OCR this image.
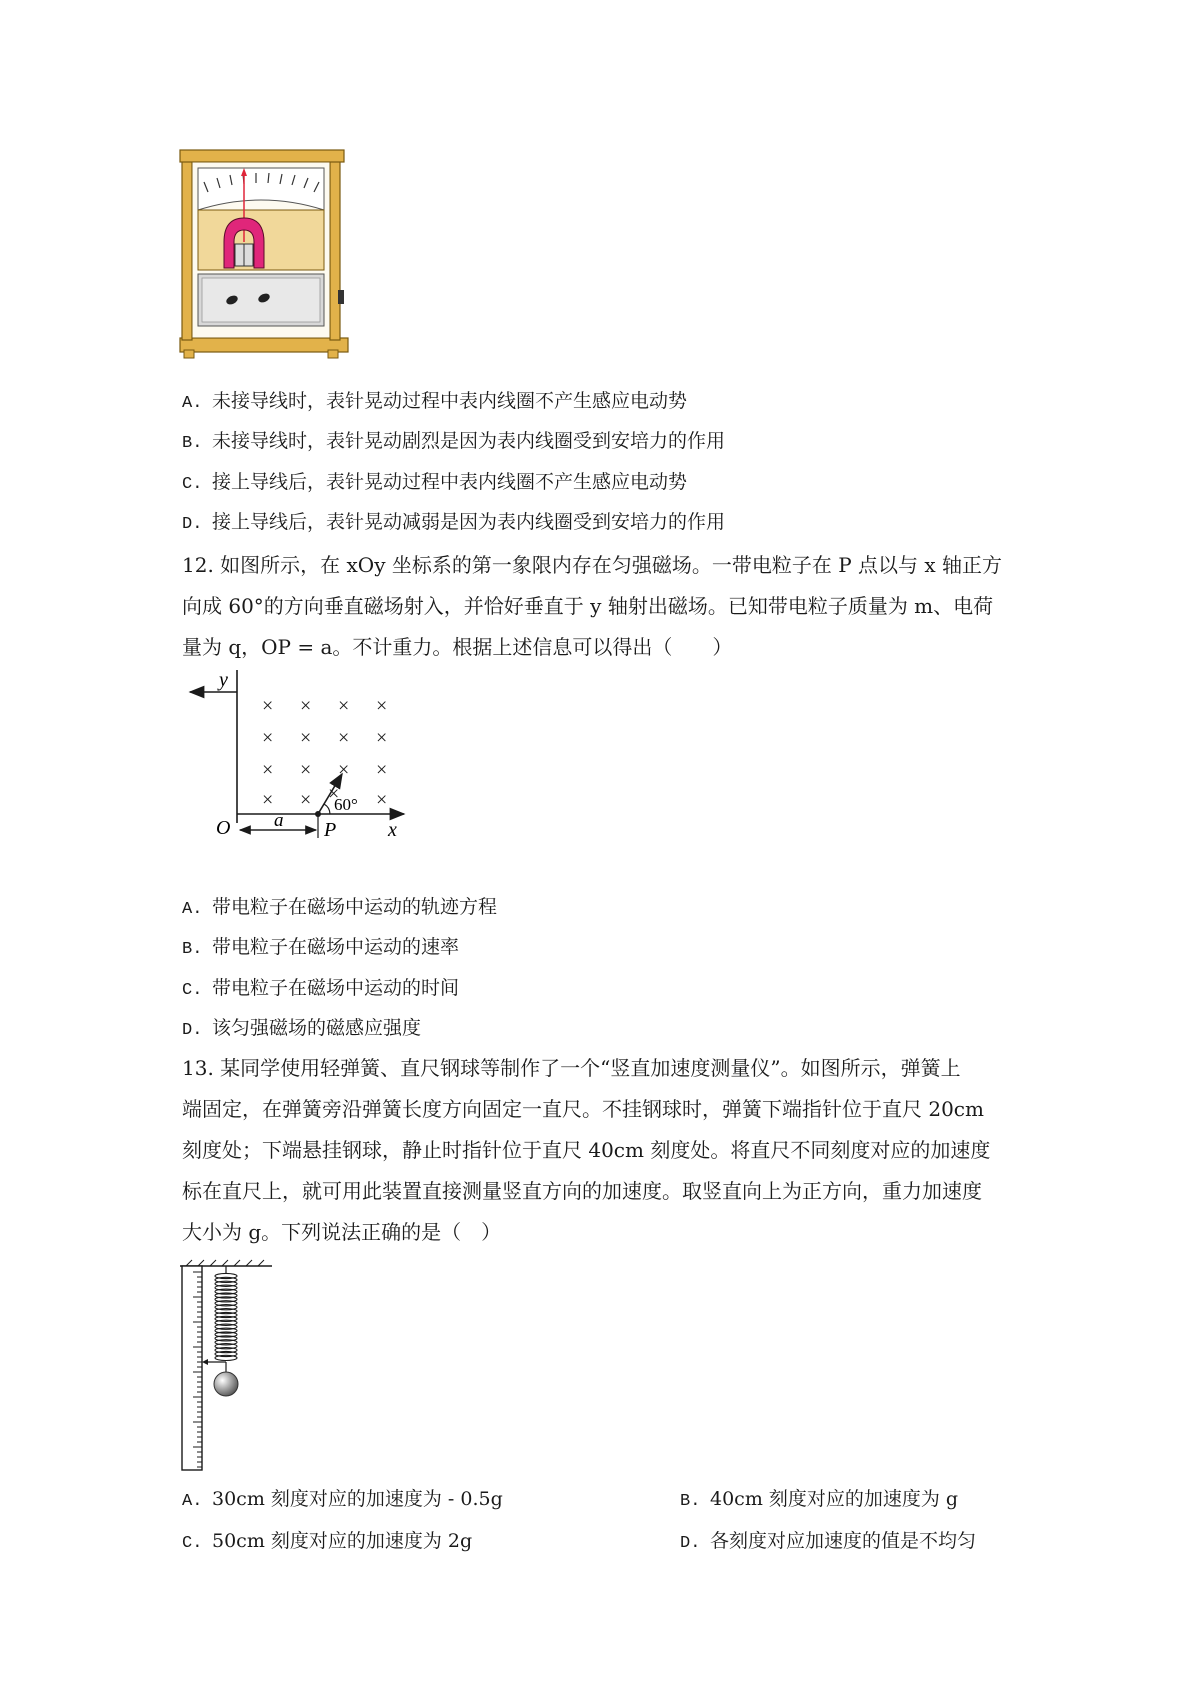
A. 未接导线时，表针晃动过程中表内线圈不产生感应电动势
B. 未接导线时，表针晃动剧烈是因为表内线圈受到安培力的作用
C. 接上导线后，表针晃动过程中表内线圈不产生感应电动势
D. 接上导线后，表针晃动减弱是因为表内线圈受到安培力的作用

12. 如图所示，在 xOy 坐标系的第一象限内存在匀强磁场。一带电粒子在 P 点以与 x 轴正方

向成 60°的方向垂直磁场射入，并恰好垂直于 y 轴射出磁场。已知带电粒子质量为 m、电荷

量为 q，OP = a。不计重力。根据上述信息可以得出（　　）

× × × ×
× × × ×
× × × ×
× × × ×
y
O a P	x
60°
A. 带电粒子在磁场中运动的轨迹方程
B. 带电粒子在磁场中运动的速率
C. 带电粒子在磁场中运动的时间
D. 该匀强磁场的磁感应强度

13. 某同学使用轻弹簧、直尺钢球等制作了一个“竖直加速度测量仪”。如图所示，弹簧上

端固定，在弹簧旁沿弹簧长度方向固定一直尺。不挂钢球时，弹簧下端指针位于直尺 20cm

刻度处；下端悬挂钢球，静止时指针位于直尺 40cm 刻度处。将直尺不同刻度对应的加速度

标在直尺上，就可用此装置直接测量竖直方向的加速度。取竖直向上为正方向，重力加速度

大小为 g。下列说法正确的是（　）

A. 30cm 刻度对应的加速度为 - 0.5g	B. 40cm 刻度对应的加速度为 g
C. 50cm 刻度对应的加速度为 2g	D. 各刻度对应加速度的值是不均匀
